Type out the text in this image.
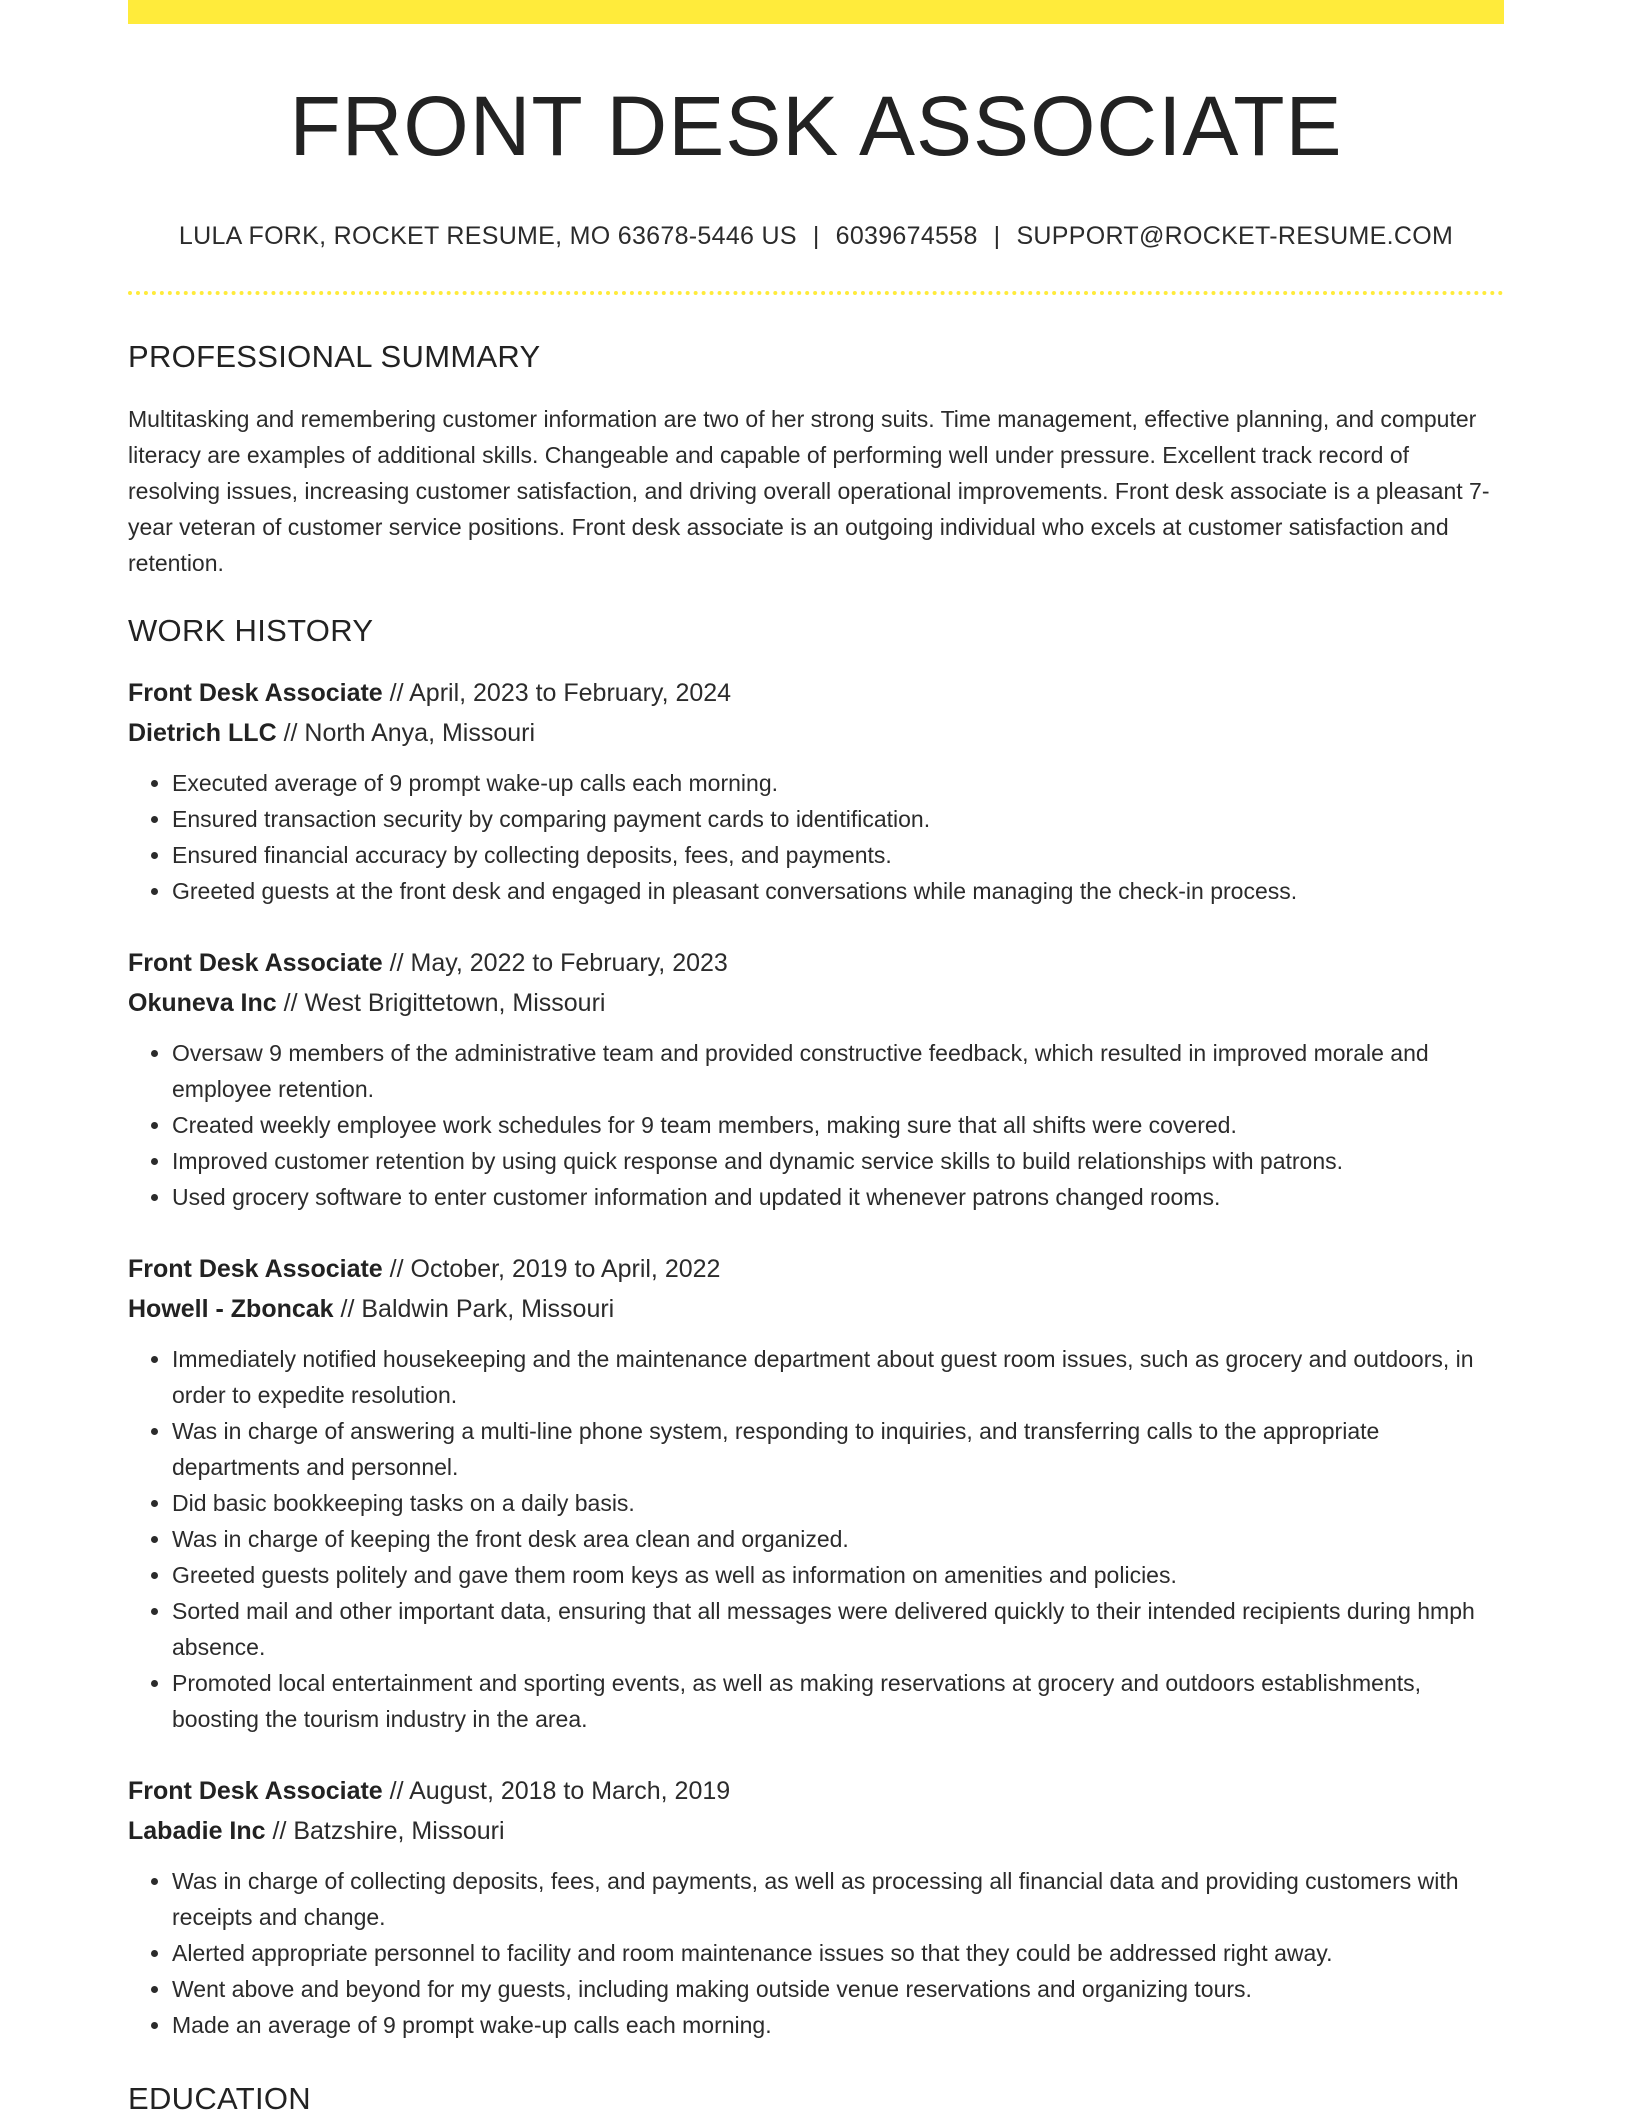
FRONT DESK ASSOCIATE
LULA FORK, ROCKET RESUME, MO 63678-5446 US | 6039674558 | SUPPORT@ROCKET-RESUME.COM
PROFESSIONAL SUMMARY
Multitasking and remembering customer information are two of her strong suits. Time management, effective planning, and computer literacy are examples of additional skills. Changeable and capable of performing well under pressure. Excellent track record of resolving issues, increasing customer satisfaction, and driving overall operational improvements. Front desk associate is a pleasant 7-year veteran of customer service positions. Front desk associate is an outgoing individual who excels at customer satisfaction and retention.
WORK HISTORY
Front Desk Associate // April, 2023 to February, 2024
Dietrich LLC // North Anya, Missouri
• Executed average of 9 prompt wake-up calls each morning.
• Ensured transaction security by comparing payment cards to identification.
• Ensured financial accuracy by collecting deposits, fees, and payments.
• Greeted guests at the front desk and engaged in pleasant conversations while managing the check-in process.
Front Desk Associate // May, 2022 to February, 2023
Okuneva Inc // West Brigittetown, Missouri
• Oversaw 9 members of the administrative team and provided constructive feedback, which resulted in improved morale and employee retention.
• Created weekly employee work schedules for 9 team members, making sure that all shifts were covered.
• Improved customer retention by using quick response and dynamic service skills to build relationships with patrons.
• Used grocery software to enter customer information and updated it whenever patrons changed rooms.
Front Desk Associate // October, 2019 to April, 2022
Howell - Zboncak // Baldwin Park, Missouri
• Immediately notified housekeeping and the maintenance department about guest room issues, such as grocery and outdoors, in order to expedite resolution.
• Was in charge of answering a multi-line phone system, responding to inquiries, and transferring calls to the appropriate departments and personnel.
• Did basic bookkeeping tasks on a daily basis.
• Was in charge of keeping the front desk area clean and organized.
• Greeted guests politely and gave them room keys as well as information on amenities and policies.
• Sorted mail and other important data, ensuring that all messages were delivered quickly to their intended recipients during hmph absence.
• Promoted local entertainment and sporting events, as well as making reservations at grocery and outdoors establishments, boosting the tourism industry in the area.
Front Desk Associate // August, 2018 to March, 2019
Labadie Inc // Batzshire, Missouri
• Was in charge of collecting deposits, fees, and payments, as well as processing all financial data and providing customers with receipts and change.
• Alerted appropriate personnel to facility and room maintenance issues so that they could be addressed right away.
• Went above and beyond for my guests, including making outside venue reservations and organizing tours.
• Made an average of 9 prompt wake-up calls each morning.
EDUCATION
